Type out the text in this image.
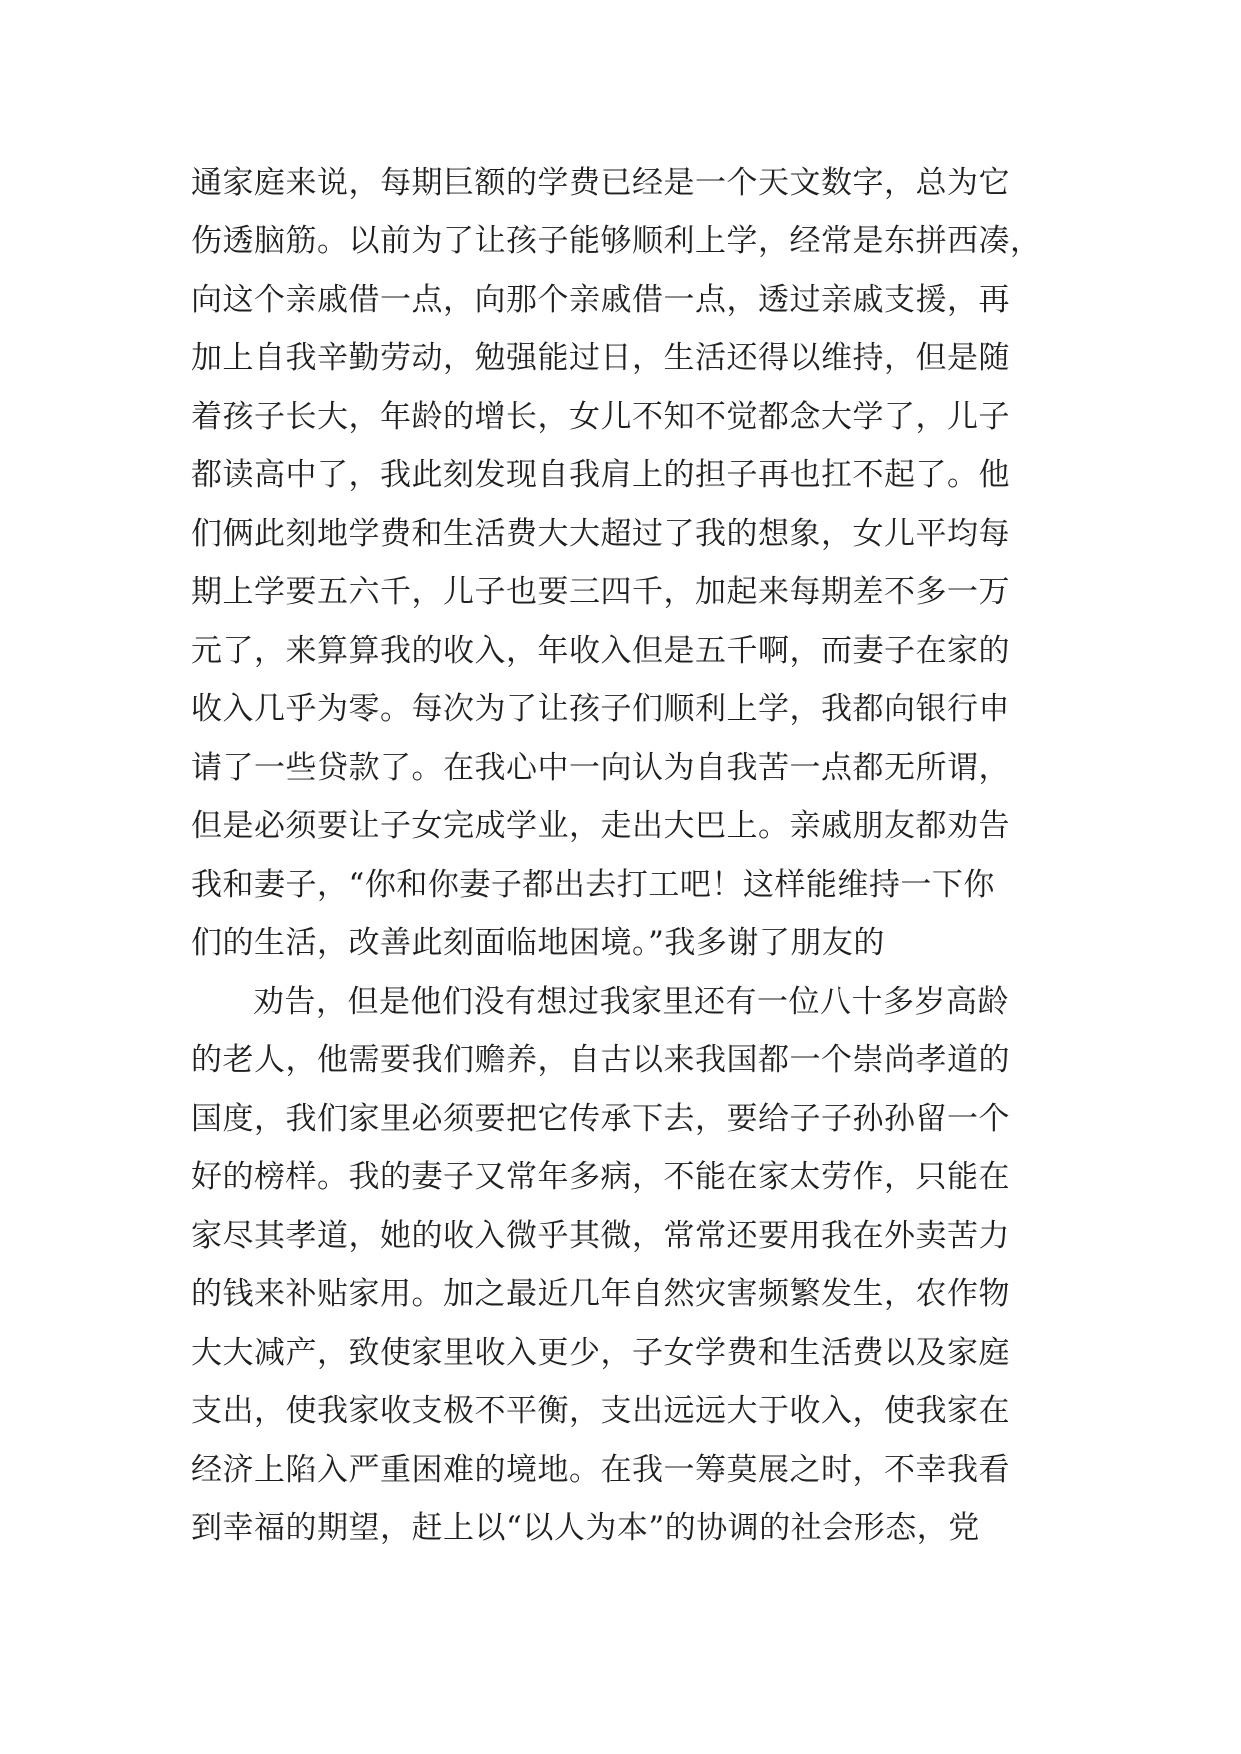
通家庭来说，每期巨额的学费已经是一个天文数字，总为它
伤透脑筋。以前为了让孩子能够顺利上学，经常是东拼西凑，
向这个亲戚借一点，向那个亲戚借一点，透过亲戚支援，再
加上自我辛勤劳动，勉强能过日，生活还得以维持，但是随
着孩子长大，年龄的增长，女儿不知不觉都念大学了，儿子
都读高中了，我此刻发现自我肩上的担子再也扛不起了。他
们俩此刻地学费和生活费大大超过了我的想象，女儿平均每
期上学要五六千，儿子也要三四千，加起来每期差不多一万
元了，来算算我的收入，年收入但是五千啊，而妻子在家的
收入几乎为零。每次为了让孩子们顺利上学，我都向银行申
请了一些贷款了。在我心中一向认为自我苦一点都无所谓，
但是必须要让子女完成学业，走出大巴上。亲戚朋友都劝告
我和妻子，“你和你妻子都出去打工吧！这样能维持一下你
们的生活，改善此刻面临地困境。”我多谢了朋友的
劝告，但是他们没有想过我家里还有一位八十多岁高龄
的老人，他需要我们赡养，自古以来我国都一个崇尚孝道的
国度，我们家里必须要把它传承下去，要给子子孙孙留一个
好的榜样。我的妻子又常年多病，不能在家太劳作，只能在
家尽其孝道，她的收入微乎其微，常常还要用我在外卖苦力
的钱来补贴家用。加之最近几年自然灾害频繁发生，农作物
大大减产，致使家里收入更少，子女学费和生活费以及家庭
支出，使我家收支极不平衡，支出远远大于收入，使我家在
经济上陷入严重困难的境地。在我一筹莫展之时，不幸我看
到幸福的期望，赶上以“以人为本”的协调的社会形态，党
